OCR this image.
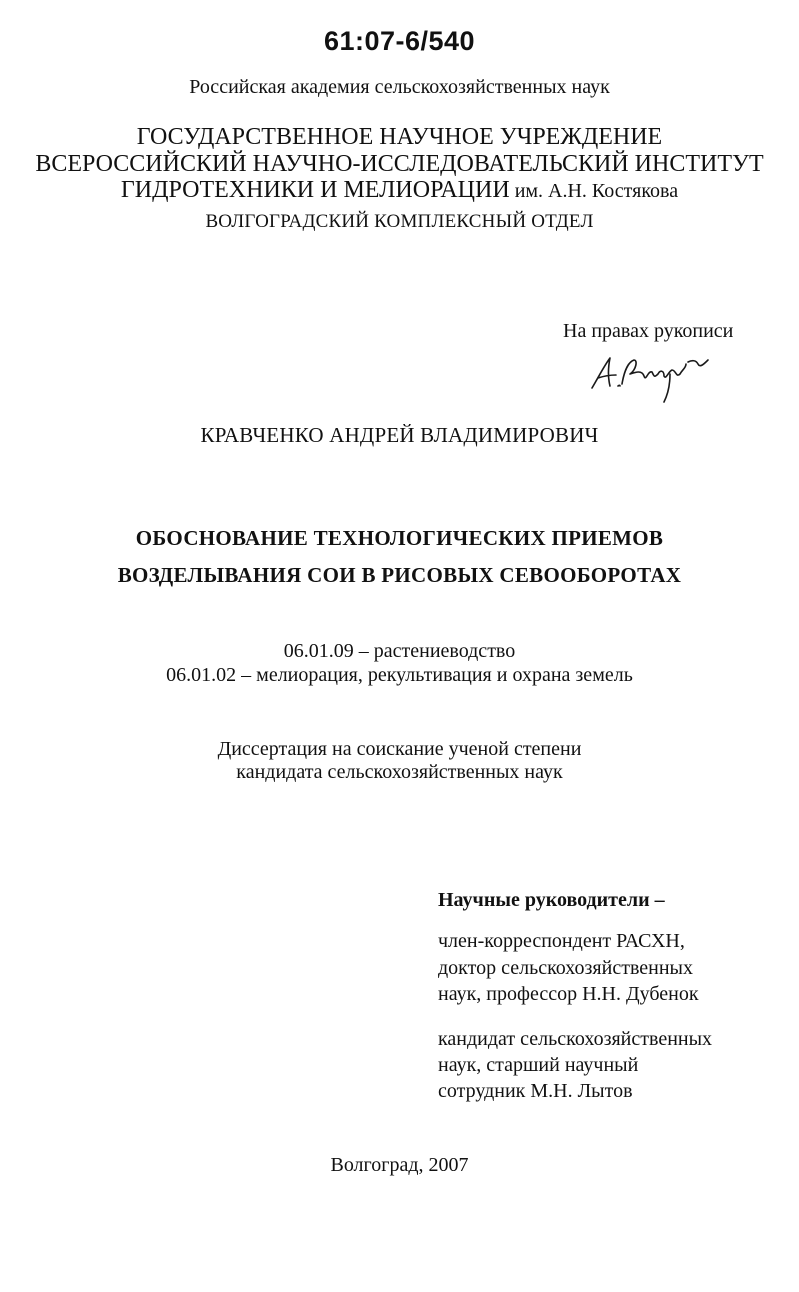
61:07-6/540
Российская академия сельскохозяйственных наук
ГОСУДАРСТВЕННОЕ НАУЧНОЕ УЧРЕЖДЕНИЕ
ВСЕРОССИЙСКИЙ НАУЧНО-ИССЛЕДОВАТЕЛЬСКИЙ ИНСТИТУТ
ГИДРОТЕХНИКИ И МЕЛИОРАЦИИ им. А.Н. Костякова
ВОЛГОГРАДСКИЙ КОМПЛЕКСНЫЙ ОТДЕЛ
На правах рукописи
КРАВЧЕНКО АНДРЕЙ ВЛАДИМИРОВИЧ
ОБОСНОВАНИЕ ТЕХНОЛОГИЧЕСКИХ ПРИЕМОВ
ВОЗДЕЛЫВАНИЯ СОИ В РИСОВЫХ СЕВООБОРОТАХ
06.01.09 – растениеводство
06.01.02 – мелиорация, рекультивация и охрана земель
Диссертация на соискание ученой степени
кандидата сельскохозяйственных наук
Научные руководители –
член-корреспондент РАСХН,
доктор сельскохозяйственных
наук, профессор Н.Н. Дубенок
кандидат сельскохозяйственных
наук, старший научный
сотрудник М.Н. Лытов
Волгоград, 2007
